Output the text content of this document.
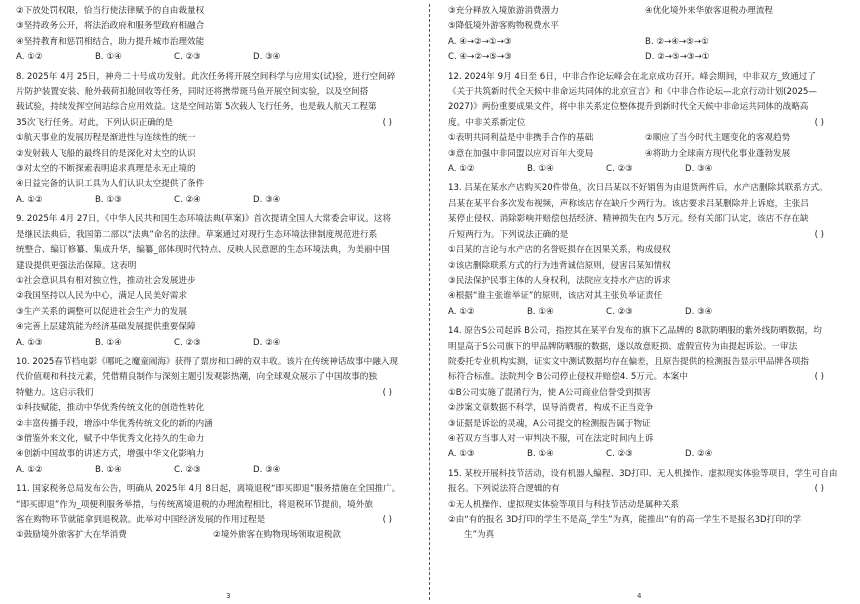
②下放处罚权限，恰当行使法律赋予的自由裁量权
③坚持政务公开，将法治政府和服务型政府相融合
④坚持教育和惩罚相结合，助力提升城市治理效能
A. ①②	B. ①④	C. ②③	D. ③④
8. 2025年 4月 25日，神舟二十号成功发射。此次任务将开展空间科学与应用实(试)验，进行空间碎
片防护装置安装、舱外载荷扣舱回收等任务，同时还将携带斑马鱼开展空间实验，以及空间搭
载试验，持续发挥空间站综合应用效益。这是空间站第 5次载人飞行任务，也是载人航天工程第
35次飞行任务。对此，下列认识正确的是	( )
①航天事业的发展历程是渐进性与连续性的统一
②发射载人飞船的最终目的是深化对太空的认识
③对太空的不断探索表明追求真理是永无止境的
④日益完备的认识工具为人们认识太空提供了条件
A. ①②	B. ①③	C. ②④	D. ③④
9. 2025年 4月 27日，《中华人民共和国生态环境法典(草案)》首次提请全国人大常委会审议。这将
是继民法典后，我国第二部以“法典”命名的法律。草案通过对现行生态环境法律制度规范进行系
统整合、编订修纂、集成升华，编纂_部体现时代特点、反映人民意愿的生态环境法典，为美丽中国
建设提供更强法治保障。这表明
①社会意识具有相对独立性，推动社会发展进步
②我国坚持以人民为中心，满足人民美好需求
③生产关系的调整可以促进社会生产力的发展
④完善上层建筑能为经济基础发展提供重要保障
A. ①③	B. ①④	C. ②③	D. ②④
10. 2025春节档电影《哪吒之魔童闹海》获得了票房和口碑的双丰收。该片在传统神话故事中融入现
代价值观和科技元素，凭借精良制作与深刻主题引发观影热潮，向全球观众展示了中国故事的独
特魅力。这启示我们	( )
①科技赋能，推动中华优秀传统文化的创造性转化
②丰富传播手段，增添中华优秀传统文化的新的内涵
③借鉴外来文化，赋予中华优秀文化持久的生命力
④创新中国故事的讲述方式，增强中华文化影响力
A. ①②	B. ①④	C. ②③	D. ③④
11. 国家税务总局发布公告，明确从 2025年 4月 8日起，离境退税“即买即退”服务措施在全国推广。
“即买即退”作为_项便利服务举措，与传统离境退税的办理流程相比，将退税环节提前，境外旅
客在购物环节就能拿到退税款。此举对中国经济发展的作用过程是	( )
①鼓励境外旅客扩大在华消费	②境外旅客在购物现场领取退税款
3
③充分释放入境旅游消费潜力	④优化境外来华旅客退税办理流程
⑤降低境外游客购物税费水平
A. ④→②→①→③	B. ②→④→⑤→①
C. ④→②→⑤→③	D. ②→⑤→③→①
12. 2024年 9月 4日至 6日，中非合作论坛峰会在北京成功召开。峰会期间，中非双方_致通过了
《关于共筑新时代全天候中非命运共同体的北京宣言》和《中非合作论坛—北京行动计划(2025—
2027)》两份重要成果文件，将中非关系定位整体提升到新时代全天候中非命运共同体的战略高
度。中非关系新定位	( )
①表明共同利益是中非携手合作的基础	②顺应了当今时代主题变化的客观趋势
③意在加强中非同盟以应对百年大变局	④将助力全球南方现代化事业蓬勃发展
A. ①②	B. ①④	C. ②③	D. ③④
13. 吕某在某水产店购买20件带鱼，次日吕某以不好销售为由退货两件后，水产店删除其联系方式。
吕某在某平台多次发布视频，声称该店存在缺斤少两行为。该店要求吕某删除并上诉庭，主张吕
某停止侵权、消除影响并赔偿包括经济、精神损失在内 5万元。经有关部门认定，该店不存在缺
斤短两行为。下列说法正确的是	( )
①吕某的言论与水产店的名誉贬损存在因果关系，构成侵权
②该店删除联系方式的行为违背诚信原则，侵害吕某知情权
③民法保护民事主体的人身权利，法院应支持水产店的诉求
④根据“谁主张谁举证”的原则，该店对其主张负举证责任
A. ①②	B. ①④	C. ②③	D. ③④
14. 原告S公司起诉 B公司，指控其在某平台发布的旗下乙品牌的 8款防晒服的紫外线防晒数据，均
明显高于S公司旗下的甲品牌防晒服的数据，遂以故意贬损、虚假宣传为由提起诉讼。一审法
院委托专业机构实测，证实文中测试数据均存在偏差，且原告提供的检测报告显示甲品牌各项指
标符合标准。法院判令 B公司停止侵权并赔偿4. 5万元。本案中	( )
①B公司实施了混淆行为，使 A公司商业信誉受到损害
②涉案文章数据不科学，误导消费者，构成不正当竞争
③证据是诉讼的灵魂，A公司提交的检测报告属于物证
④若双方当事人对一审判决不服，可在法定时间内上诉
A. ①③	B. ①④	C. ②③	D. ②④
15. 某校开展科技节活动，设有机器人编程、3D打印、无人机操作、虚拟现实体验等项目，学生可自由
报名。下列说法符合逻辑的有	( )
①无人机操作、虚拟现实体验等项目与科技节活动是属种关系
②由“有的报名 3D打印的学生不是高_学生”为真，能推出“有的高一学生不是报名3D打印的学
生”为真
4
